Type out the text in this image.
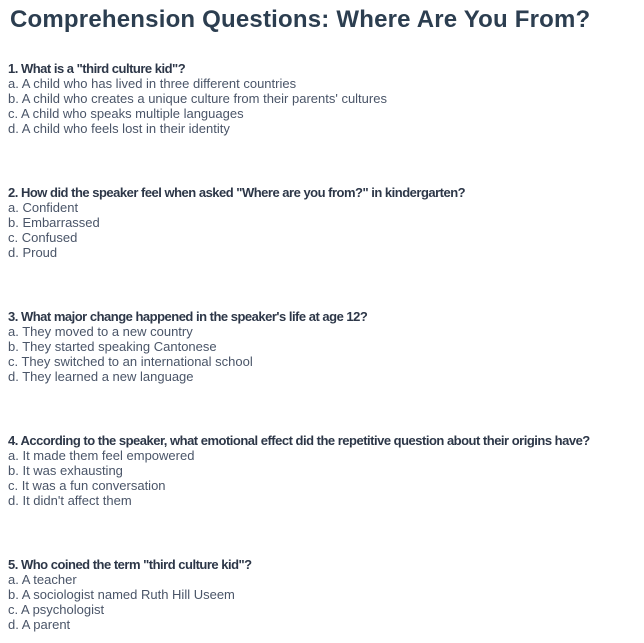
Comprehension Questions: Where Are You From?
1. What is a "third culture kid"?
a. A child who has lived in three different countries
b. A child who creates a unique culture from their parents' cultures
c. A child who speaks multiple languages
d. A child who feels lost in their identity
2. How did the speaker feel when asked "Where are you from?" in kindergarten?
a. Confident
b. Embarrassed
c. Confused
d. Proud
3. What major change happened in the speaker's life at age 12?
a. They moved to a new country
b. They started speaking Cantonese
c. They switched to an international school
d. They learned a new language
4. According to the speaker, what emotional effect did the repetitive question about their origins have?
a. It made them feel empowered
b. It was exhausting
c. It was a fun conversation
d. It didn't affect them
5. Who coined the term "third culture kid"?
a. A teacher
b. A sociologist named Ruth Hill Useem
c. A psychologist
d. A parent
